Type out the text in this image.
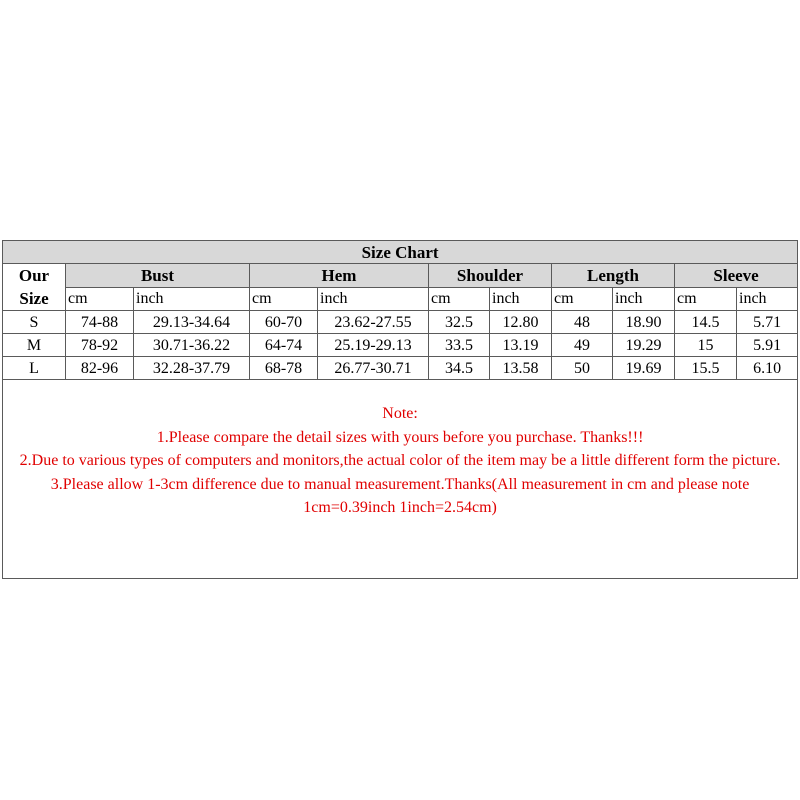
Size Chart										

Our
Size	Bust		Hem		Shoulder		Length		Sleeve	
	cm	inch	cm	inch	cm	inch	cm	inch	cm	inch
S	74-88	29.13-34.64	60-70	23.62-27.55	32.5	12.80	48	18.90	14.5	5.71
M	78-92	30.71-36.22	64-74	25.19-29.13	33.5	13.19	49	19.29	15	5.91
L	82-96	32.28-37.79	68-78	26.77-30.71	34.5	13.58	50	19.69	15.5	6.10

Note:

1.Please compare the detail sizes with yours before you purchase. Thanks!!!

2.Due to various types of computers and monitors,the actual color of the item may be a little different form the picture.

3.Please allow 1-3cm difference due to manual measurement.Thanks(All measurement in cm and please note 1cm=0.39inch 1inch=2.54cm)										
